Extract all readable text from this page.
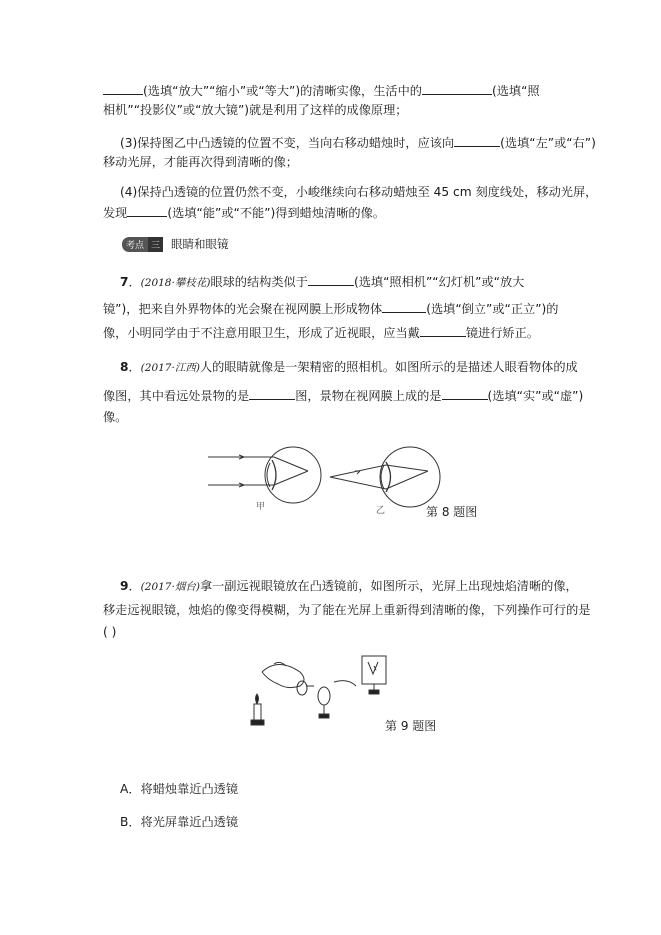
(选填“放大”“缩小”或“等大”)的清晰实像，生活中的	(选填“照
相机”“投影仪”或“放大镜”)就是利用了这样的成像原理；
(3)保持图乙中凸透镜的位置不变，当向右移动蜡烛时，应该向	(选填“左”或“右”)
移动光屏，才能再次得到清晰的像；
(4)保持凸透镜的位置仍然不变，小峻继续向右移动蜡烛至 45 cm 刻度线处，移动光屏，
发现	(选填“能”或“不能”)得到蜡烛清晰的像。
考点 三 眼睛和眼镜
7．(2018·攀枝花)眼球的结构类似于	(选填“照相机”“幻灯机”或“放大
镜”)，把来自外界物体的光会聚在视网膜上形成物体	(选填“倒立”或“正立”)的
像，小明同学由于不注意用眼卫生，形成了近视眼，应当戴	镜进行矫正。
8．(2017·江西)人的眼睛就像是一架精密的照相机。如图所示的是描述人眼看物体的成
像图，其中看远处景物的是	图，景物在视网膜上成的是	(选填“实”或“虚”)
像。
甲	乙	第 8 题图
9．(2017·烟台)拿一副远视眼镜放在凸透镜前，如图所示，光屏上出现烛焰清晰的像，
移走远视眼镜，烛焰的像变得模糊，为了能在光屏上重新得到清晰的像，下列操作可行的是
( )
第 9 题图
A．将蜡烛靠近凸透镜
B．将光屏靠近凸透镜
